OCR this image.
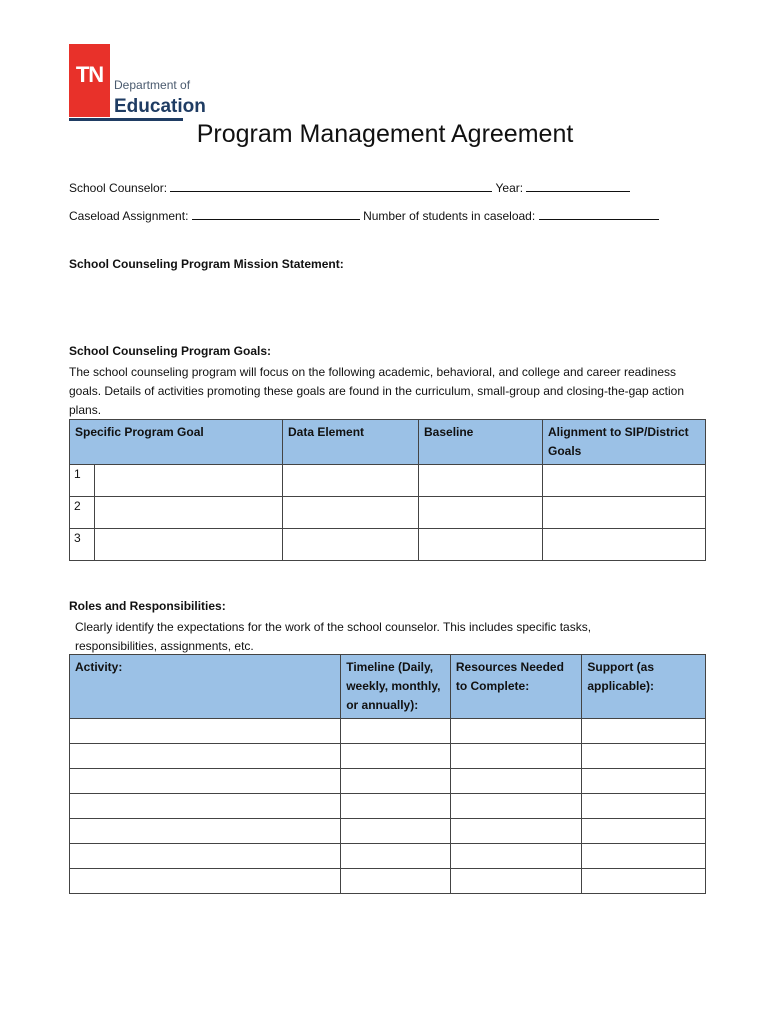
TN Department of
Education
Program Management Agreement
School Counselor:	Year:
Caseload Assignment:	Number of students in caseload:
School Counseling Program Mission Statement:
School Counseling Program Goals:
The school counseling program will focus on the following academic, behavioral, and college and career readiness goals. Details of activities promoting these goals are found in the curriculum, small-group and closing-the-gap action plans.
Specific Program Goal		Data Element	Baseline	Alignment to SIP/District Goals
1				
2				
3				
Roles and Responsibilities:
Clearly identify the expectations for the work of the school counselor. This includes specific tasks, responsibilities, assignments, etc.
Activity:	Timeline (Daily, weekly, monthly, or annually):	Resources Needed to Complete:	Support (as applicable):
